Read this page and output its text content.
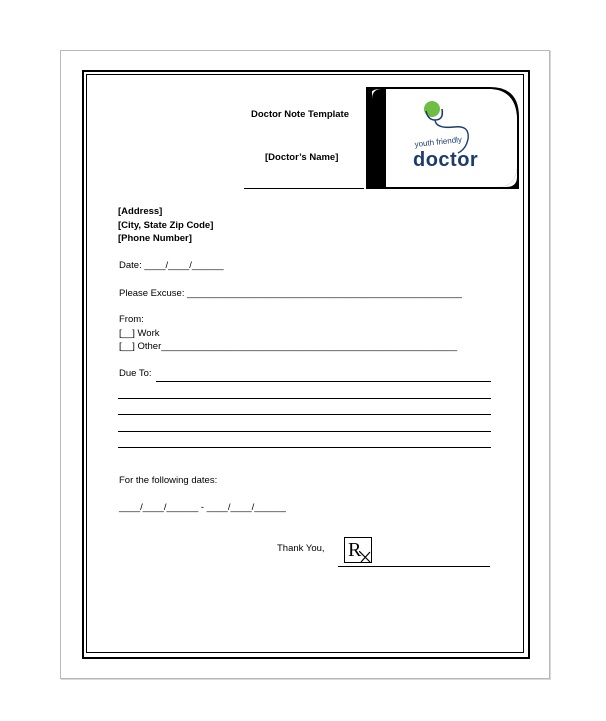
Doctor Note Template
[Doctor’s Name]
youth friendly
doctor
[Address]
[City, State Zip Code]
[Phone Number]
Date: ____/____/______
Please Excuse: ____________________________________________________
From:
[__] Work
[__] Other________________________________________________________
Due To:
For the following dates:
____/____/______ - ____/____/______
Thank You, R
